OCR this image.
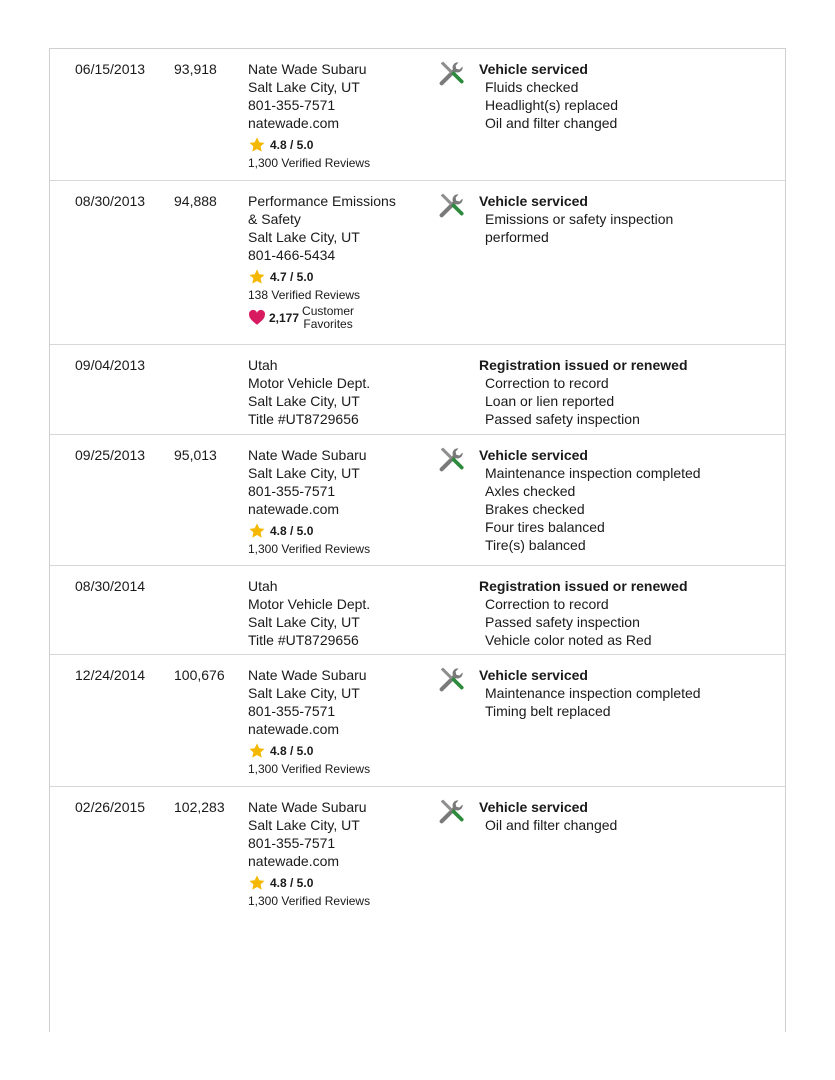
06/15/2013 93,918 Nate Wade Subaru
Salt Lake City, UT
801-355-7571
natewade.com
4.8 / 5.0
1,300 Verified Reviews
Vehicle serviced
Fluids checked
Headlight(s) replaced
Oil and filter changed
08/30/2013 94,888 Performance Emissions
& Safety
Salt Lake City, UT
801-466-5434
4.7 / 5.0
138 Verified Reviews
2,177 Customer
Favorites
Vehicle serviced
Emissions or safety inspection
performed
09/04/2013	Utah
Motor Vehicle Dept.
Salt Lake City, UT
Title #UT8729656
Registration issued or renewed
Correction to record
Loan or lien reported
Passed safety inspection
09/25/2013 95,013 Nate Wade Subaru
Salt Lake City, UT
801-355-7571
natewade.com
4.8 / 5.0
1,300 Verified Reviews
Vehicle serviced
Maintenance inspection completed
Axles checked
Brakes checked
Four tires balanced
Tire(s) balanced
08/30/2014	Utah
Motor Vehicle Dept.
Salt Lake City, UT
Title #UT8729656
Registration issued or renewed
Correction to record
Passed safety inspection
Vehicle color noted as Red
12/24/2014 100,676 Nate Wade Subaru
Salt Lake City, UT
801-355-7571
natewade.com
4.8 / 5.0
1,300 Verified Reviews
Vehicle serviced
Maintenance inspection completed
Timing belt replaced
02/26/2015 102,283 Nate Wade Subaru
Salt Lake City, UT
801-355-7571
natewade.com
4.8 / 5.0
1,300 Verified Reviews
Vehicle serviced
Oil and filter changed
